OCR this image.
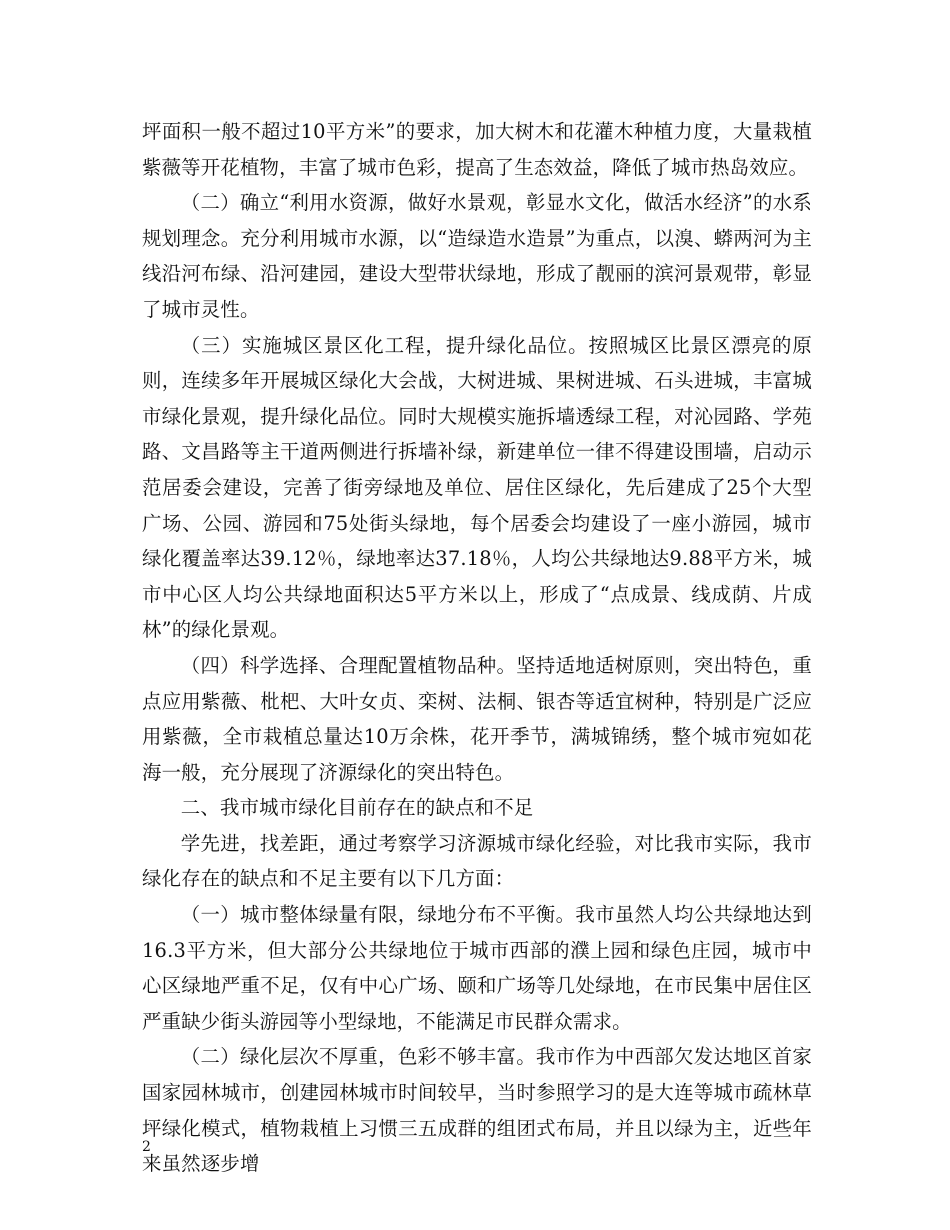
坪面积一般不超过10平方米”的要求，加大树木和花灌木种植力度，大量栽植紫薇等开花植物，丰富了城市色彩，提高了生态效益，降低了城市热岛效应。

（二）确立“利用水资源，做好水景观，彰显水文化，做活水经济”的水系规划理念。充分利用城市水源，以“造绿造水造景”为重点，以溴、蟒两河为主线沿河布绿、沿河建园，建设大型带状绿地，形成了靓丽的滨河景观带，彰显了城市灵性。

（三）实施城区景区化工程，提升绿化品位。按照城区比景区漂亮的原则，连续多年开展城区绿化大会战，大树进城、果树进城、石头进城，丰富城市绿化景观，提升绿化品位。同时大规模实施拆墙透绿工程，对沁园路、学苑路、文昌路等主干道两侧进行拆墙补绿，新建单位一律不得建设围墙，启动示范居委会建设，完善了街旁绿地及单位、居住区绿化，先后建成了25个大型广场、公园、游园和75处街头绿地，每个居委会均建设了一座小游园，城市绿化覆盖率达39.12％，绿地率达37.18％，人均公共绿地达9.88平方米，城市中心区人均公共绿地面积达5平方米以上，形成了“点成景、线成荫、片成林”的绿化景观。

（四）科学选择、合理配置植物品种。坚持适地适树原则，突出特色，重点应用紫薇、枇杷、大叶女贞、栾树、法桐、银杏等适宜树种，特别是广泛应用紫薇，全市栽植总量达10万余株，花开季节，满城锦绣，整个城市宛如花海一般，充分展现了济源绿化的突出特色。

二、我市城市绿化目前存在的缺点和不足

学先进，找差距，通过考察学习济源城市绿化经验，对比我市实际，我市绿化存在的缺点和不足主要有以下几方面：

（一）城市整体绿量有限，绿地分布不平衡。我市虽然人均公共绿地达到16.3平方米，但大部分公共绿地位于城市西部的濮上园和绿色庄园，城市中心区绿地严重不足，仅有中心广场、颐和广场等几处绿地，在市民集中居住区严重缺少街头游园等小型绿地，不能满足市民群众需求。

（二）绿化层次不厚重，色彩不够丰富。我市作为中西部欠发达地区首家国家园林城市，创建园林城市时间较早，当时参照学习的是大连等城市疏林草坪绿化模式，植物栽植上习惯三五成群的组团式布局，并且以绿为主，近些年来虽然逐步增

2
